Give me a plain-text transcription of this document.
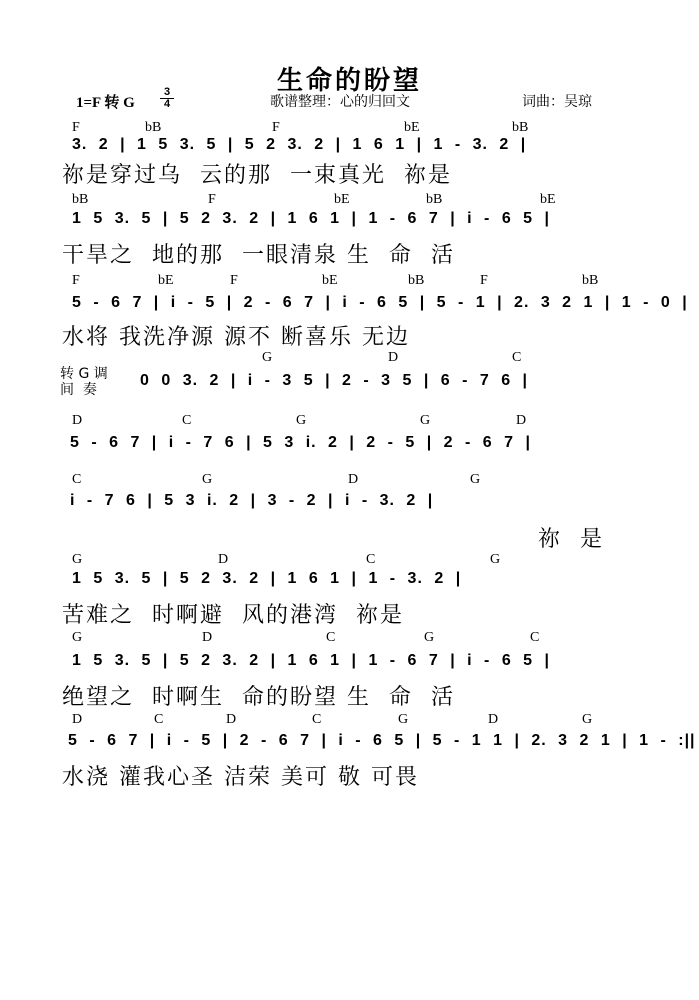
生命的盼望
1=F 转 G
3
4	歌谱整理：心的归回文	词曲：吴琼
转 G 调
间  奏
F	bB	F	bE	bB
3. 2 | 1 5 3. 5 | 5 2 3. 2 | 1 6 1 | 1 - 3. 2 |
祢是穿过乌  云的那  一束真光  祢是
bB	F	bE	bB	bE
1 5 3. 5 | 5 2 3. 2 | 1 6 1 | 1 - 6 7 | i - 6 5 |
干旱之  地的那  一眼清泉 生  命  活
F	bE	F	bE	bB	F	bB
5 - 6 7 | i - 5 | 2 - 6 7 | i - 6 5 | 5 - 1 | 2. 3 2 1 | 1 - 0 |
水将 我洗净源 源不 断喜乐 无边
G	D	C
0 0 3. 2 | i - 3 5 | 2 - 3 5 | 6 - 7 6 |
D	C	G	G	D
5 - 6 7 | i - 7 6 | 5 3 i. 2 | 2 - 5 | 2 - 6 7 |
C	G	D	G
i - 7 6 | 5 3 i. 2 | 3 - 2 | i - 3. 2 |
祢  是
G	D	C	G
1 5 3. 5 | 5 2 3. 2 | 1 6 1 | 1 - 3. 2 |
苦难之  时啊避  风的港湾  祢是
G	D	C	G	C
1 5 3. 5 | 5 2 3. 2 | 1 6 1 | 1 - 6 7 | i - 6 5 |
绝望之  时啊生  命的盼望 生  命  活
D	C	D	C	G	D	G
5 - 6 7 | i - 5 | 2 - 6 7 | i - 6 5 | 5 - 1 1 | 2. 3 2 1 | 1 - :||
水浇 灌我心圣 洁荣 美可 敬 可畏
